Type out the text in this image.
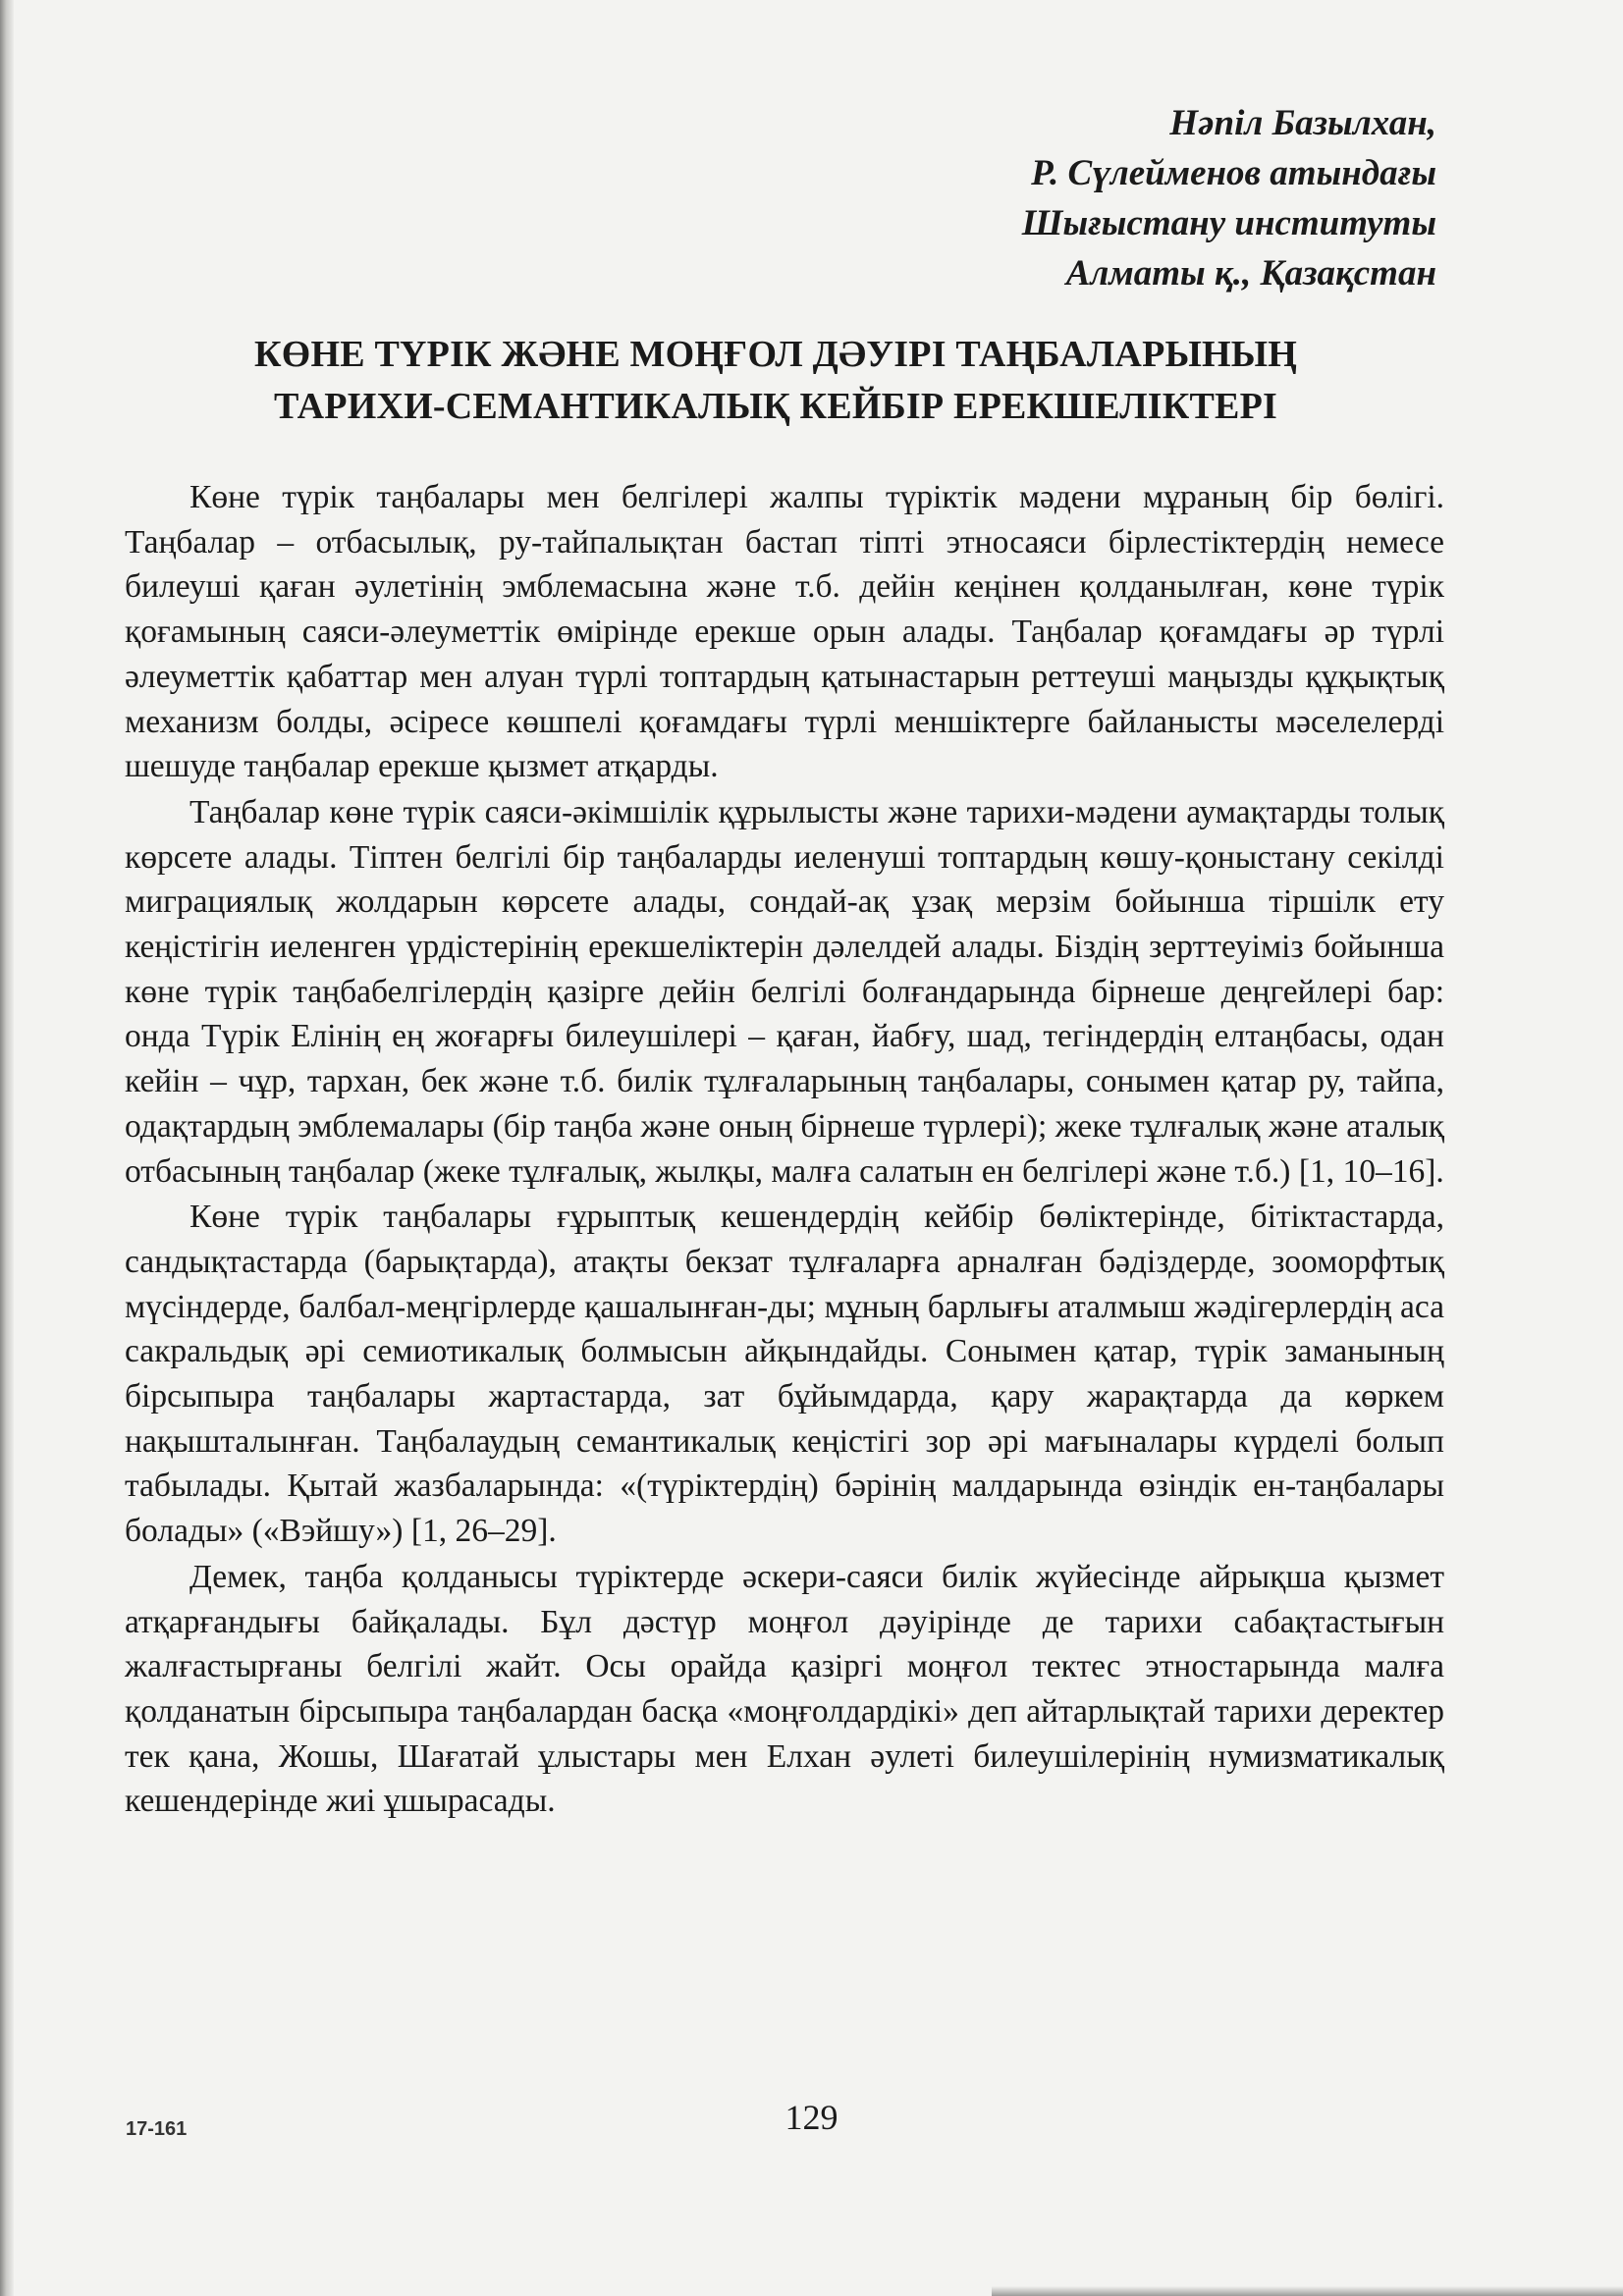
Нәпіл Базылхан,
Р. Сүлейменов атындағы
Шығыстану институты
Алматы қ., Қазақстан
КӨНЕ ТҮРІК ЖӘНЕ МОҢҒОЛ ДӘУІРІ ТАҢБАЛАРЫНЫҢ
ТАРИХИ-СЕМАНТИКАЛЫҚ КЕЙБІР ЕРЕКШЕЛІКТЕРІ

Көне түрік таңбалары мен белгілері жалпы түріктік мәдени мұраның бір бөлігі. Таңбалар – отбасылық, ру-тайпалықтан бастап тіпті этносаяси бірлестіктердің немесе билеуші қаған әулетінің эмблемасына және т.б. дейін кеңінен қолданылған, көне түрік қоғамының саяси-әлеуметтік өмірінде ерекше орын алады. Таңбалар қоғамдағы әр түрлі әлеуметтік қабаттар мен алуан түрлі топтардың қатынастарын реттеуші маңызды құқықтық механизм болды, әсіресе көшпелі қоғамдағы түрлі меншіктерге байланысты мәселелерді шешуде таңбалар ерекше қызмет атқарды.

Таңбалар көне түрік саяси-әкімшілік құрылысты және тарихи-мәдени аумақтарды толық көрсете алады. Тіптен белгілі бір таңбаларды иеленуші топтардың көшу-қоныстану секілді миграциялық жолдарын көрсете алады, сондай-ақ ұзақ мерзім бойынша тіршілк ету кеңістігін иеленген үрдістерінің ерекшеліктерін дәлелдей алады. Біздің зерттеуіміз бойынша көне түрік таңбабелгілердің қазірге дейін белгілі болғандарында бірнеше деңгейлері бар: онда Түрік Елінің ең жоғарғы билеушілері – қаған, йабғу, шад, тегіндердің елтаңбасы, одан кейін – чұр, тархан, бек және т.б. билік тұлғаларының таңбалары, сонымен қатар ру, тайпа, одақтардың эмблемалары (бір таңба және оның бірнеше түрлері); жеке тұлғалық және аталық отбасының таңбалар (жеке тұлғалық, жылқы, малға салатын ен белгілері және т.б.) [1, 10–16].

Көне түрік таңбалары ғұрыптық кешендердің кейбір бөліктерінде, бітіктастарда, сандықтастарда (барықтарда), атақты бекзат тұлғаларға арналған бәдіздерде, зооморфтық мүсіндерде, балбал-меңгірлерде қашалынған-ды; мұның барлығы аталмыш жәдігерлердің аса сакральдық әрі семиотикалық болмысын айқындайды. Сонымен қатар, түрік заманының бірсыпыра таңбалары жартастарда, зат бұйымдарда, қару жарақтарда да көркем нақышталынған. Таңбалаудың семантикалық кеңістігі зор әрі мағыналары күрделі болып табылады. Қытай жазбаларында: «(түріктердің) бәрінің малдарында өзіндік ен-таңбалары болады» («Вэйшу») [1, 26–29].

Демек, таңба қолданысы түріктерде әскери-саяси билік жүйесінде айрықша қызмет атқарғандығы байқалады. Бұл дәстүр моңғол дәуірінде де тарихи сабақтастығын жалғастырғаны белгілі жайт. Осы орайда қазіргі моңғол тектес этностарында малға қолданатын бірсыпыра таңбалардан басқа «моңғолдардікі» деп айтарлықтай тарихи деректер тек қана, Жошы, Шағатай ұлыстары мен Елхан әулеті билеушілерінің нумизматикалық кешендерінде жиі ұшырасады.

17-161	129
